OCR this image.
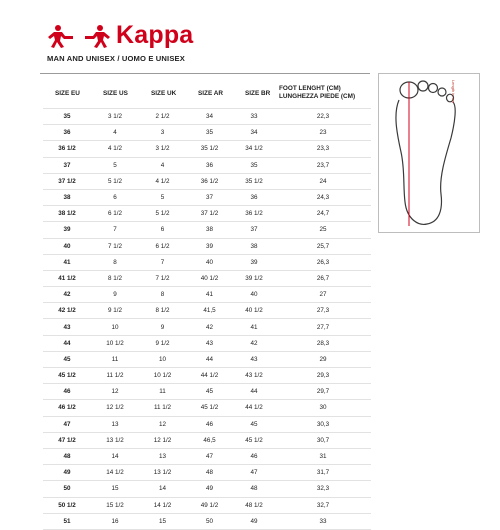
Kappa
MAN AND UNISEX / UOMO E UNISEX
SIZE EU	SIZE US	SIZE UK	SIZE AR	SIZE BR	FOOT LENGHT (CM)
LUNGHEZZA PIEDE (CM)
35	3 1/2	2 1/2	34	33	22,3
36	4	3	35	34	23
36 1/2	4 1/2	3 1/2	35 1/2	34 1/2	23,3
37	5	4	36	35	23,7
37 1/2	5 1/2	4 1/2	36 1/2	35 1/2	24
38	6	5	37	36	24,3
38 1/2	6 1/2	5 1/2	37 1/2	36 1/2	24,7
39	7	6	38	37	25
40	7 1/2	6 1/2	39	38	25,7
41	8	7	40	39	26,3
41 1/2	8 1/2	7 1/2	40 1/2	39 1/2	26,7
42	9	8	41	40	27
42 1/2	9 1/2	8 1/2	41,5	40 1/2	27,3
43	10	9	42	41	27,7
44	10 1/2	9 1/2	43	42	28,3
45	11	10	44	43	29
45 1/2	11 1/2	10 1/2	44 1/2	43 1/2	29,3
46	12	11	45	44	29,7
46 1/2	12 1/2	11 1/2	45 1/2	44 1/2	30
47	13	12	46	45	30,3
47 1/2	13 1/2	12 1/2	46,5	45 1/2	30,7
48	14	13	47	46	31
49	14 1/2	13 1/2	48	47	31,7
50	15	14	49	48	32,3
50 1/2	15 1/2	14 1/2	49 1/2	48 1/2	32,7
51	16	15	50	49	33
Length in cm
